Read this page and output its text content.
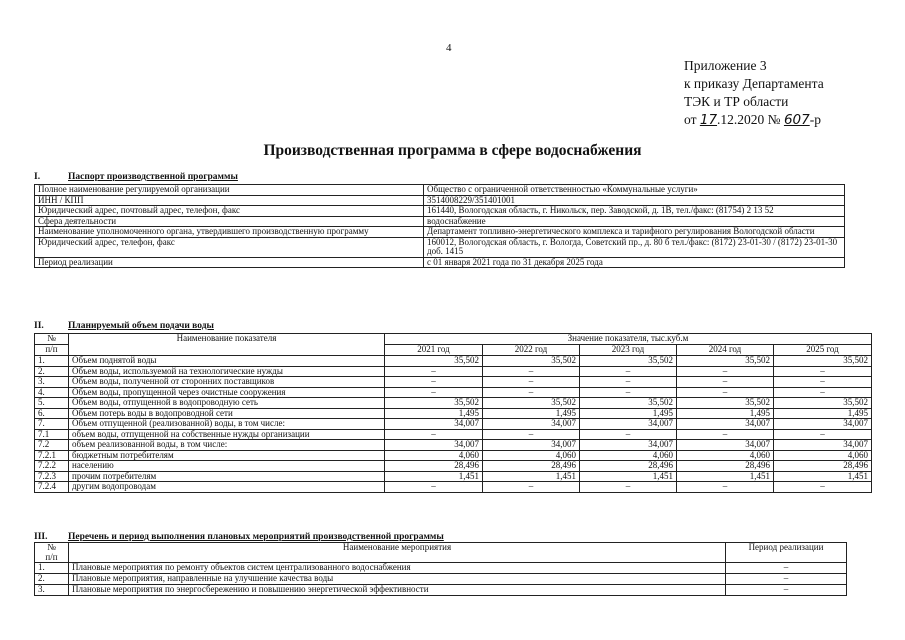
4
Приложение 3
к приказу Департамента
ТЭК и ТР области
от 17.12.2020 № 607-р
Производственная программа в сфере водоснабжения
I.	Паспорт производственной программы
Полное наименование регулируемой организации	Общество с ограниченной ответственностью «Коммунальные услуги»
ИНН / КПП	3514008229/351401001
Юридический адрес, почтовый адрес, телефон, факс	161440, Вологодская область, г. Никольск, пер. Заводской, д. 1В, тел./факс: (81754) 2 13 52
Сфера деятельности	водоснабжение
Наименование уполномоченного органа, утвердившего производственную программу	Департамент топливно-энергетического комплекса и тарифного регулирования Вологодской области
Юридический адрес, телефон, факс	160012, Вологодская область, г. Вологда, Советский пр., д. 80 б тел./факс: (8172) 23-01-30 / (8172) 23-01-30 доб. 1415
Период реализации	с 01 января 2021 года по 31 декабря 2025 года
II.	Планируемый объем подачи воды
№	Наименование показателя	Значение показателя, тыс.куб.м				
п/п		2021 год	2022 год	2023 год	2024 год	2025 год
1.	Объем поднятой воды	35,502	35,502	35,502	35,502	35,502
2.	Объем воды, используемой на технологические нужды	–	–	–	–	–
3.	Объем воды, полученной от сторонних поставщиков	–	–	–	–	–
4.	Объем воды, пропущенной через очистные сооружения	–	–	–	–	–
5.	Объем воды, отпущенной в водопроводную сеть	35,502	35,502	35,502	35,502	35,502
6.	Объем потерь воды в водопроводной сети	1,495	1,495	1,495	1,495	1,495
7.	Объем отпущенной (реализованной) воды, в том числе:	34,007	34,007	34,007	34,007	34,007
7.1	объем воды, отпущенной на собственные нужды организации	–	–	–	–	–
7.2	объем реализованной воды, в том числе:	34,007	34,007	34,007	34,007	34,007
7.2.1	бюджетным потребителям	4,060	4,060	4,060	4,060	4,060
7.2.2	населению	28,496	28,496	28,496	28,496	28,496
7.2.3	прочим потребителям	1,451	1,451	1,451	1,451	1,451
7.2.4	другим водопроводам	–	–	–	–	–
III. Перечень и период выполнения плановых мероприятий производственной программы
№
п/п	Наименование мероприятия	Период реализации
1.	Плановые мероприятия по ремонту объектов систем централизованного водоснабжения	–
2.	Плановые мероприятия, направленные на улучшение качества воды	–
3.	Плановые мероприятия по энергосбережению и повышению энергетической эффективности	–
